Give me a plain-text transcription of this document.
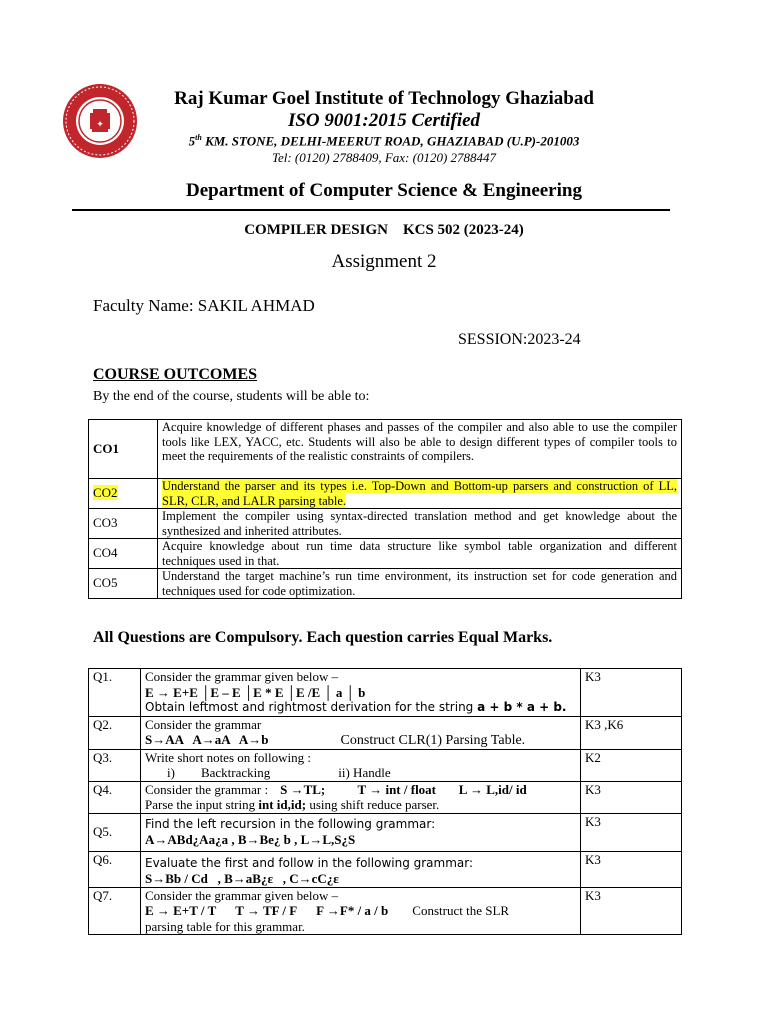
✦
Raj Kumar Goel Institute of Technology Ghaziabad
ISO 9001:2015 Certified
5th KM. STONE, DELHI-MEERUT ROAD, GHAZIABAD (U.P)-201003
Tel: (0120) 2788409, Fax: (0120) 2788447
Department of Computer Science & Engineering
COMPILER DESIGN    KCS 502 (2023-24)
Assignment 2
Faculty Name: SAKIL AHMAD
SESSION:2023-24
COURSE OUTCOMES
By the end of the course, students will be able to:
CO1	Acquire knowledge of different phases and passes of the compiler and also able to use the compiler tools like LEX, YACC, etc. Students will also be able to design different types of compiler tools to meet the requirements of the realistic constraints of compilers.
CO2	Understand the parser and its types i.e. Top-Down and Bottom-up parsers and construction of LL, SLR, CLR, and LALR parsing table.
CO3	Implement the compiler using syntax-directed translation method and get knowledge about the synthesized and inherited attributes.
CO4	Acquire knowledge about run time data structure like symbol table organization and different techniques used in that.
CO5	Understand the target machine’s run time environment, its instruction set for code generation and techniques used for code optimization.
All Questions are Compulsory. Each question carries Equal Marks.
Q1.	Consider the grammar given below –
E → E+E │E – E │E * E │E /E │ a │ b
Obtain leftmost and rightmost derivation for the string a + b * a + b.	K3
Q2.	Consider the grammar
S→AA   A→aA   A→b Construct CLR(1) Parsing Table.	K3 ,K6
Q3.	Write short notes on following :
i)        Backtracking ii) Handle	K2
Q4.	Consider the grammar : S →TL;          T → int / float       L → L,id/ id
Parse the input string int id,id; using shift reduce parser.	K3
Q5.	Find the left recursion in the following grammar:
A→ABd¿Aa¿a , B→Be¿ b , L→L,S¿S	K3
Q6.	Evaluate the first and follow in the following grammar:
S→Bb / Cd   , B→aB¿ε   , C→cC¿ε	K3
Q7.	Consider the grammar given below –
E → E+T / T      T → TF / F      F →F* / a / b Construct the SLR
parsing table for this grammar.	K3
